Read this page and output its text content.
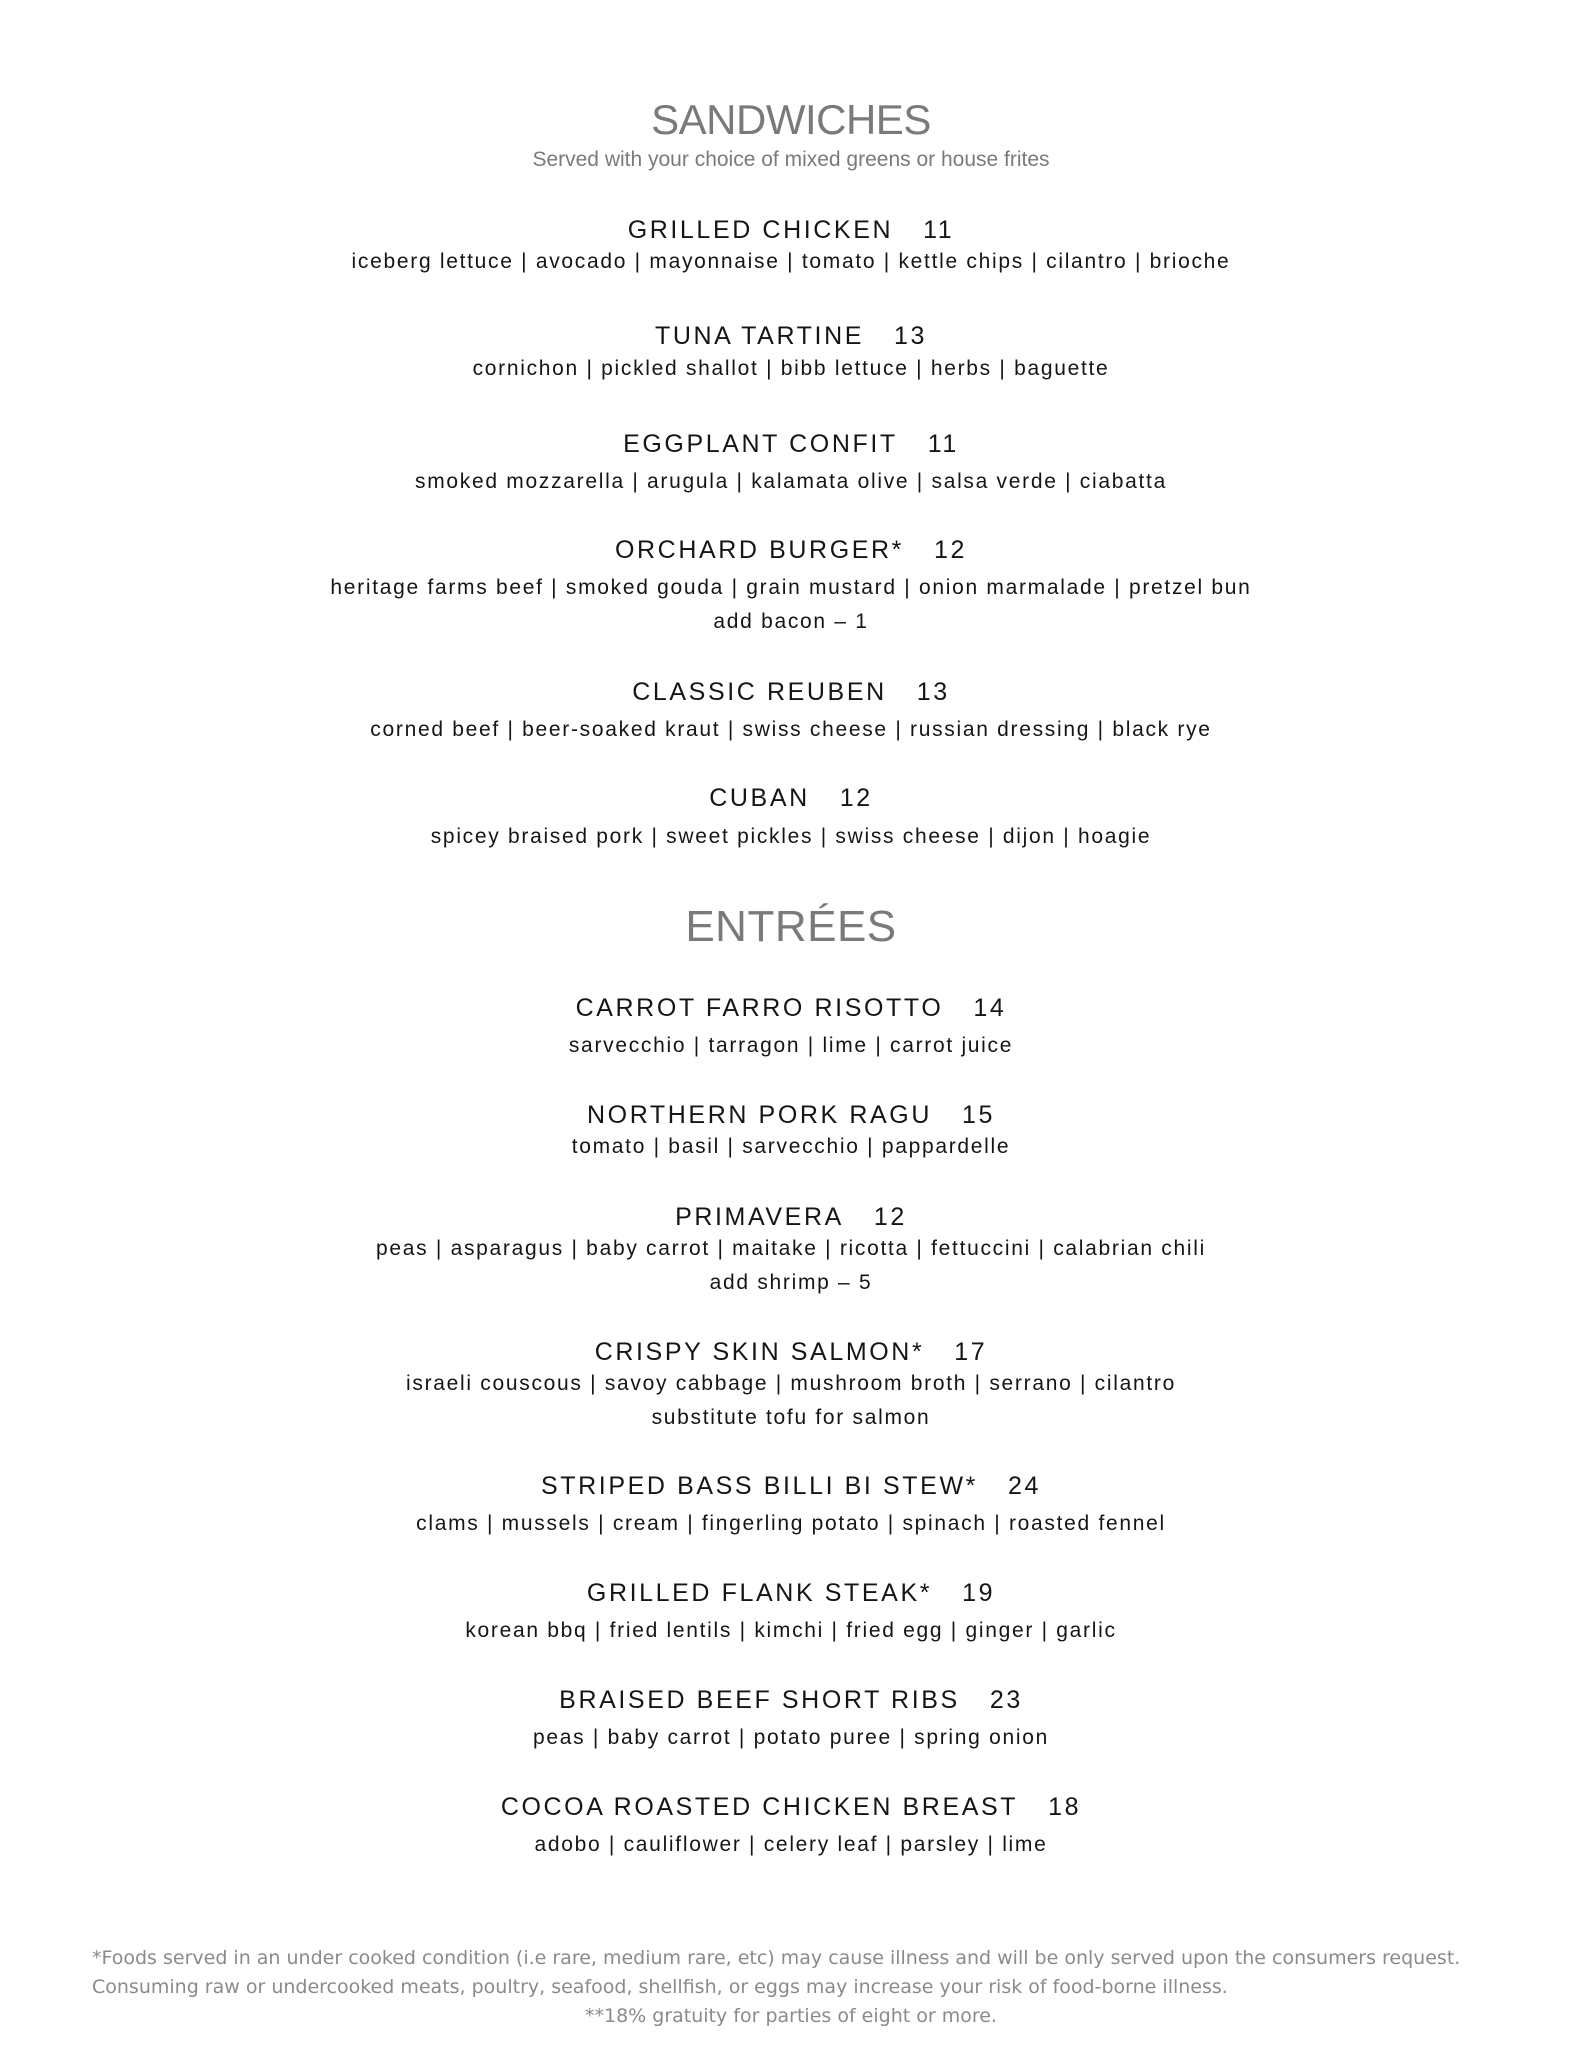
SANDWICHES
Served with your choice of mixed greens or house frites
GRILLED CHICKEN 11
iceberg lettuce | avocado | mayonnaise | tomato | kettle chips | cilantro | brioche
TUNA TARTINE 13
cornichon | pickled shallot | bibb lettuce | herbs | baguette
EGGPLANT CONFIT 11
smoked mozzarella | arugula | kalamata olive | salsa verde | ciabatta
ORCHARD BURGER* 12
heritage farms beef | smoked gouda | grain mustard | onion marmalade | pretzel bun
add bacon – 1
CLASSIC REUBEN 13
corned beef | beer-soaked kraut | swiss cheese | russian dressing | black rye
CUBAN 12
spicey braised pork | sweet pickles | swiss cheese | dijon | hoagie
ENTRÉES
CARROT FARRO RISOTTO 14
sarvecchio | tarragon | lime | carrot juice
NORTHERN PORK RAGU 15
tomato | basil | sarvecchio | pappardelle
PRIMAVERA 12
peas | asparagus | baby carrot | maitake | ricotta | fettuccini | calabrian chili
add shrimp – 5
CRISPY SKIN SALMON* 17
israeli couscous | savoy cabbage | mushroom broth | serrano | cilantro
substitute tofu for salmon
STRIPED BASS BILLI BI STEW* 24
clams | mussels | cream | fingerling potato | spinach | roasted fennel
GRILLED FLANK STEAK* 19
korean bbq | fried lentils | kimchi | fried egg | ginger | garlic
BRAISED BEEF SHORT RIBS 23
peas | baby carrot | potato puree | spring onion
COCOA ROASTED CHICKEN BREAST 18
adobo | cauliflower | celery leaf | parsley | lime
*Foods served in an under cooked condition (i.e rare, medium rare, etc) may cause illness and will be only served upon the consumers request.
Consuming raw or undercooked meats, poultry, seafood, shellfish, or eggs may increase your risk of food-borne illness.
**18% gratuity for parties of eight or more.
